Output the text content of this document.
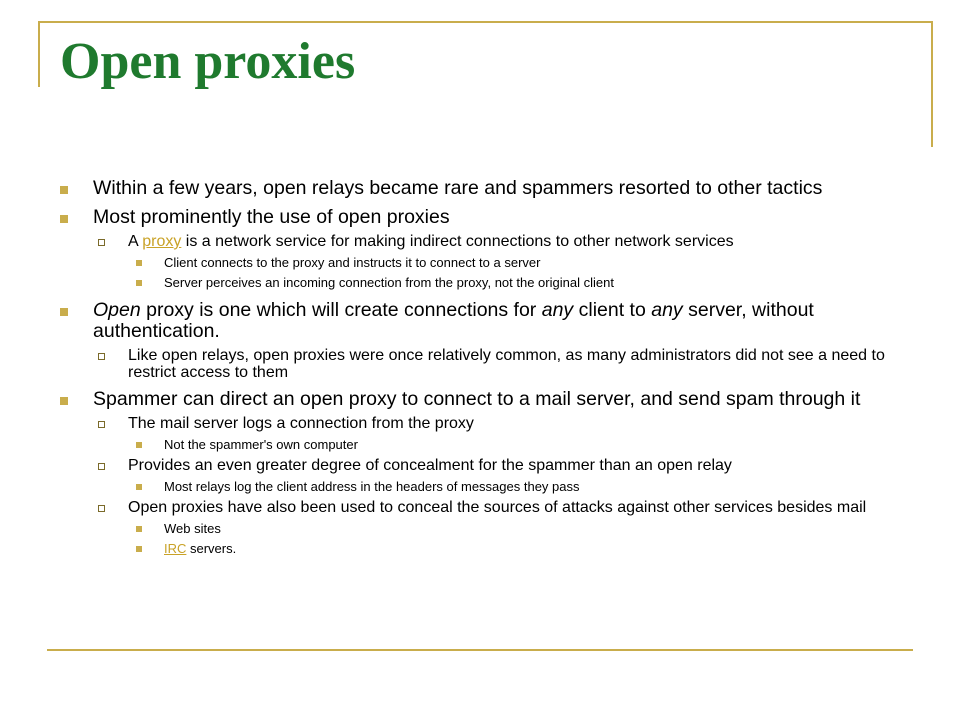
Open proxies
Within a few years, open relays became rare and spammers resorted to other tactics
Most prominently the use of open proxies
A proxy is a network service for making indirect connections to other network services
Client connects to the proxy and instructs it to connect to a server
Server perceives an incoming connection from the proxy, not the original client
Open proxy is one which will create connections for any client to any server, without authentication.
Like open relays, open proxies were once relatively common, as many administrators did not see a need to restrict access to them
Spammer can direct an open proxy to connect to a mail server, and send spam through it
The mail server logs a connection from the proxy
Not the spammer's own computer
Provides an even greater degree of concealment for the spammer than an open relay
Most relays log the client address in the headers of messages they pass
Open proxies have also been used to conceal the sources of attacks against other services besides mail
Web sites
IRC servers.
